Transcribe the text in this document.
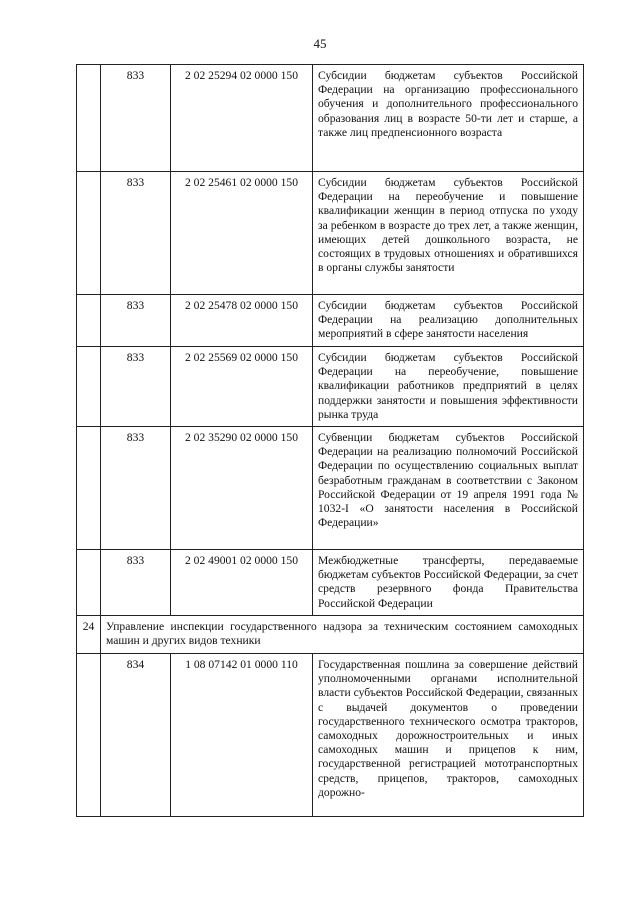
45
	833	2 02 25294 02 0000 150	Субсидии бюджетам субъектов Российской Федерации на организацию профессионального обучения и дополнительного профессионального образования лиц в возрасте 50-ти лет и старше, а также лиц предпенсионного возраста
	833	2 02 25461 02 0000 150	Субсидии бюджетам субъектов Российской Федерации на переобучение и повышение квалификации женщин в период отпуска по уходу за ребенком в возрасте до трех лет, а также женщин, имеющих детей дошкольного возраста, не состоящих в трудовых отношениях и обратившихся в органы службы занятости
	833	2 02 25478 02 0000 150	Субсидии бюджетам субъектов Российской Федерации на реализацию дополнительных мероприятий в сфере занятости населения
	833	2 02 25569 02 0000 150	Субсидии бюджетам субъектов Российской Федерации на переобучение, повышение квалификации работников предприятий в целях поддержки занятости и повышения эффективности рынка труда
	833	2 02 35290 02 0000 150	Субвенции бюджетам субъектов Российской Федерации на реализацию полномочий Российской Федерации по осуществлению социальных выплат безработным гражданам в соответствии с Законом Российской Федерации от 19 апреля 1991 года № 1032-I «О занятости населения в Российской Федерации»
	833	2 02 49001 02 0000 150	Межбюджетные трансферты, передаваемые бюджетам субъектов Российской Федерации, за счет средств резервного фонда Правительства Российской Федерации
24	Управление инспекции государственного надзора за техническим состоянием самоходных машин и других видов техники		
	834	1 08 07142 01 0000 110	Государственная пошлина за совершение действий уполномоченными органами исполнительной власти субъектов Российской Федерации, связанных с выдачей документов о проведении государственного технического осмотра тракторов, самоходных дорожностроительных и иных самоходных машин и прицепов к ним, государственной регистрацией мототранспортных средств, прицепов, тракторов, самоходных дорожно-
